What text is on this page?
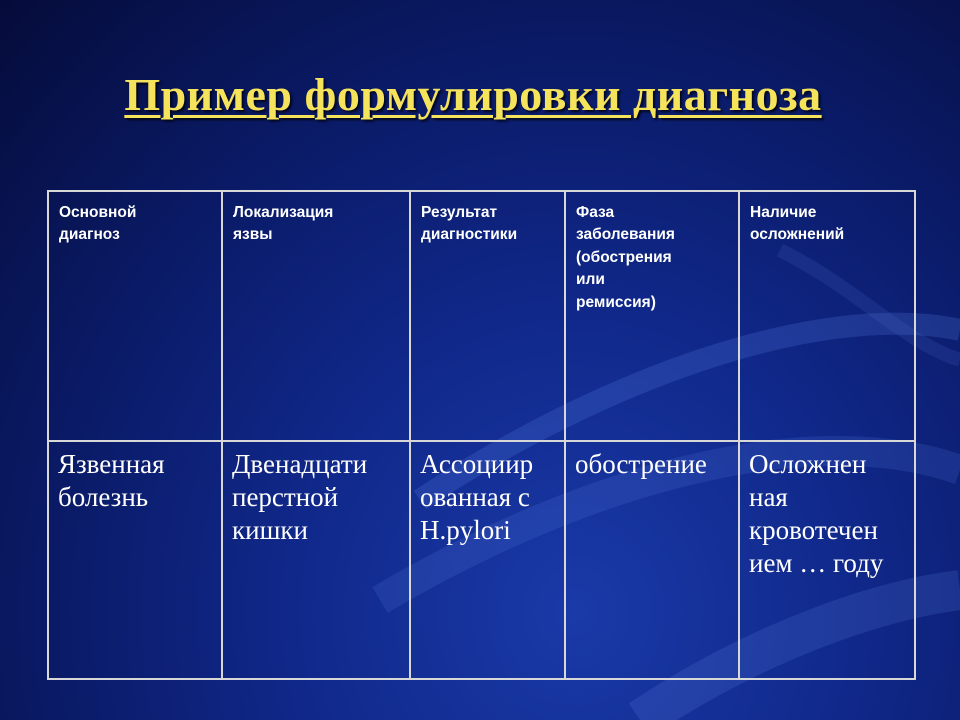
Пример формулировки диагноза
Основной
диагноз	Локализация
язвы	Результат
диагностики	Фаза
заболевания
(обострения
или
ремиссия)	Наличие
осложнений

Язвенная
болезнь	Двенадцати
перстной
кишки	Ассоциир
ованная с
H.pylori	обострение	Осложнен
ная
кровотечен
ием … году
